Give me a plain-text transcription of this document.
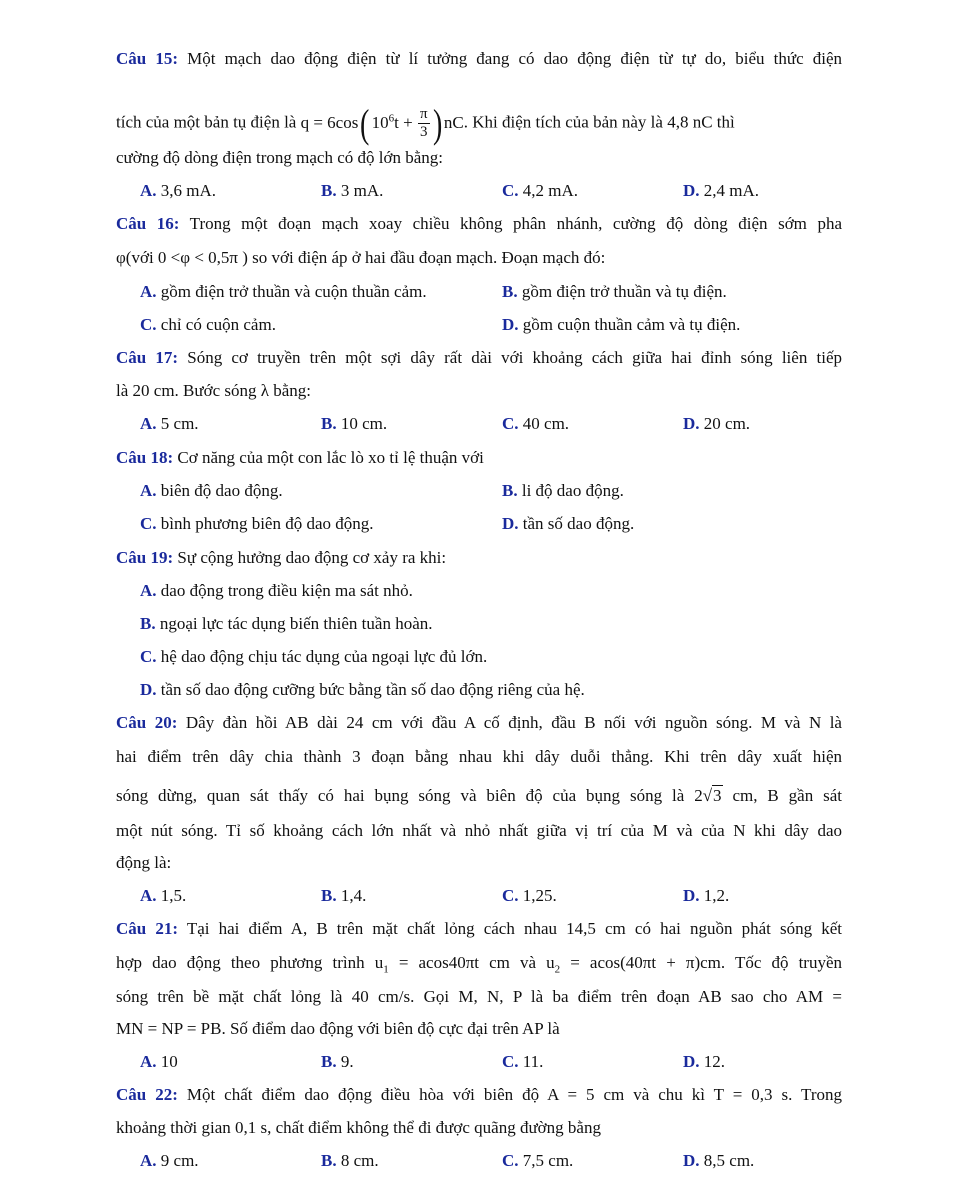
Câu 15: Một mạch dao động điện từ lí tưởng đang có dao động điện từ tự do, biểu thức điện
tích của một bản tụ điện là q = 6cos( $10^6t + \frac{\pi}{3}$ ) nC. Khi điện tích của bản này là 4,8 nC thì
cường độ dòng điện trong mạch có độ lớn bằng:
A. 3,6 mA.	B. 3 mA.	C. 4,2 mA.	D. 2,4 mA.
Câu 16: Trong một đoạn mạch xoay chiều không phân nhánh, cường độ dòng điện sớm pha
φ(với 0 <φ < 0,5π ) so với điện áp ở hai đầu đoạn mạch. Đoạn mạch đó:
A. gồm điện trở thuần và cuộn thuần cảm.	B. gồm điện trở thuần và tụ điện.
C. chỉ có cuộn cảm.	D. gồm cuộn thuần cảm và tụ điện.
Câu 17: Sóng cơ truyền trên một sợi dây rất dài với khoảng cách giữa hai đỉnh sóng liên tiếp
là 20 cm. Bước sóng λ bằng:
A. 5 cm.	B. 10 cm.	C. 40 cm.	D. 20 cm.
Câu 18: Cơ năng của một con lắc lò xo tỉ lệ thuận với
A. biên độ dao động.	B. li độ dao động.
C. bình phương biên độ dao động.	D. tần số dao động.
Câu 19: Sự cộng hưởng dao động cơ xảy ra khi:
A. dao động trong điều kiện ma sát nhỏ.
B. ngoại lực tác dụng biến thiên tuần hoàn.
C. hệ dao động chịu tác dụng của ngoại lực đủ lớn.
D. tần số dao động cưỡng bức bằng tần số dao động riêng của hệ.
Câu 20: Dây đàn hồi AB dài 24 cm với đầu A cố định, đầu B nối với nguồn sóng. M và N là
hai điểm trên dây chia thành 3 đoạn bằng nhau khi dây duỗi thẳng. Khi trên dây xuất hiện
sóng dừng, quan sát thấy có hai bụng sóng và biên độ của bụng sóng là 2√3 cm, B gần sát
một nút sóng. Tỉ số khoảng cách lớn nhất và nhỏ nhất giữa vị trí của M và của N khi dây dao
động là:
A. 1,5.	B. 1,4.	C. 1,25.	D. 1,2.
Câu 21: Tại hai điểm A, B trên mặt chất lỏng cách nhau 14,5 cm có hai nguồn phát sóng kết
hợp dao động theo phương trình $u_1 = acos40\pi t$ cm và $u_2 = acos(40\pi t + \pi)cm$. Tốc độ truyền
sóng trên bề mặt chất lỏng là 40 cm/s. Gọi M, N, P là ba điểm trên đoạn AB sao cho AM =
MN = NP = PB. Số điểm dao động với biên độ cực đại trên AP là
A. 10	B. 9.	C. 11.	D. 12.
Câu 22: Một chất điểm dao động điều hòa với biên độ A = 5 cm và chu kì T = 0,3 s. Trong
khoảng thời gian 0,1 s, chất điểm không thể đi được quãng đường bằng
A. 9 cm.	B. 8 cm.	C. 7,5 cm.	D. 8,5 cm.
